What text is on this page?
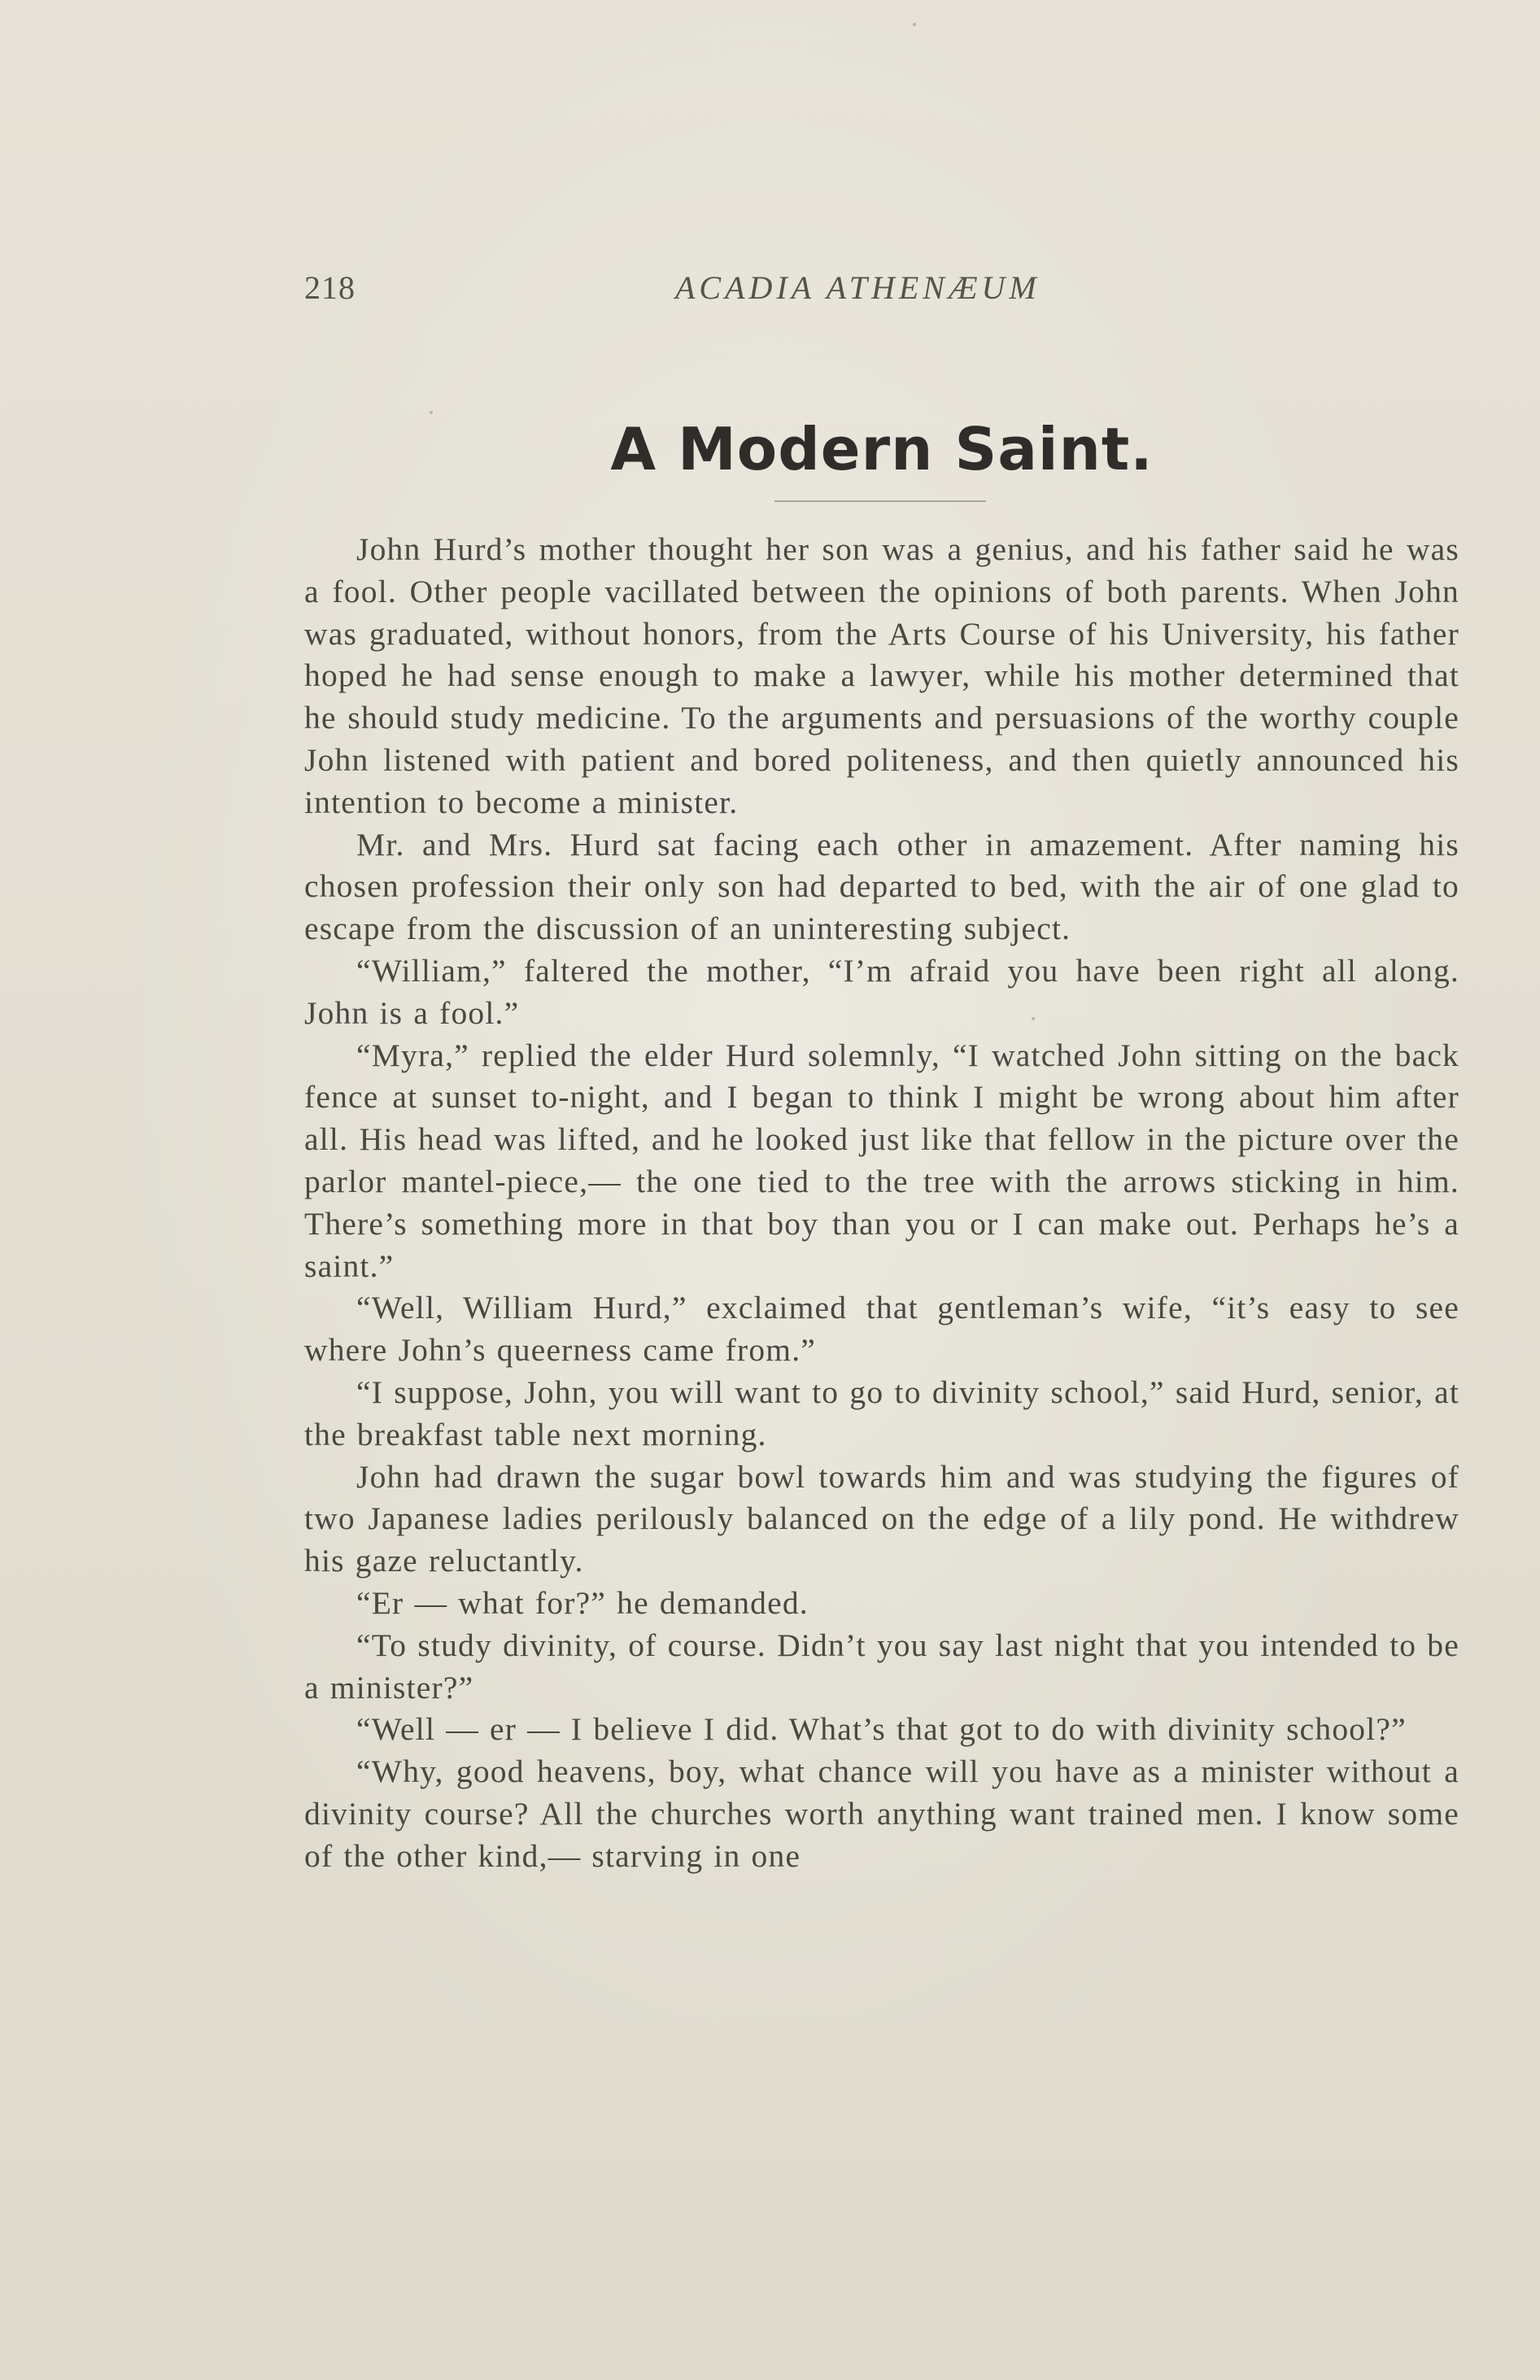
218	ACADIA ATHENÆUM
A Modern Saint.

John Hurd’s mother thought her son was a genius, and his father said he was a fool. Other people vacillated between the opinions of both parents. When John was graduated, without honors, from the Arts Course of his University, his father hoped he had sense enough to make a lawyer, while his mother determined that he should study medicine. To the arguments and persuasions of the worthy couple John listened with patient and bored politeness, and then quietly announced his intention to become a minister.

Mr. and Mrs. Hurd sat facing each other in amazement. After naming his chosen profession their only son had departed to bed, with the air of one glad to escape from the discussion of an uninteresting subject.

“William,” faltered the mother, “I’m afraid you have been right all along. John is a fool.”

“Myra,” replied the elder Hurd solemnly, “I watched John sitting on the back fence at sunset to-night, and I began to think I might be wrong about him after all. His head was lifted, and he looked just like that fellow in the picture over the parlor mantel-piece,— the one tied to the tree with the arrows sticking in him. There’s something more in that boy than you or I can make out. Perhaps he’s a saint.”

“Well, William Hurd,” exclaimed that gentleman’s wife, “it’s easy to see where John’s queerness came from.”

“I suppose, John, you will want to go to divinity school,” said Hurd, senior, at the breakfast table next morning.

John had drawn the sugar bowl towards him and was studying the figures of two Japanese ladies perilously balanced on the edge of a lily pond. He withdrew his gaze reluctantly.

“Er — what for?” he demanded.

“To study divinity, of course. Didn’t you say last night that you intended to be a minister?”

“Well — er — I believe I did. What’s that got to do with divinity school?”

“Why, good heavens, boy, what chance will you have as a minister without a divinity course? All the churches worth anything want trained men. I know some of the other kind,— starving in one
